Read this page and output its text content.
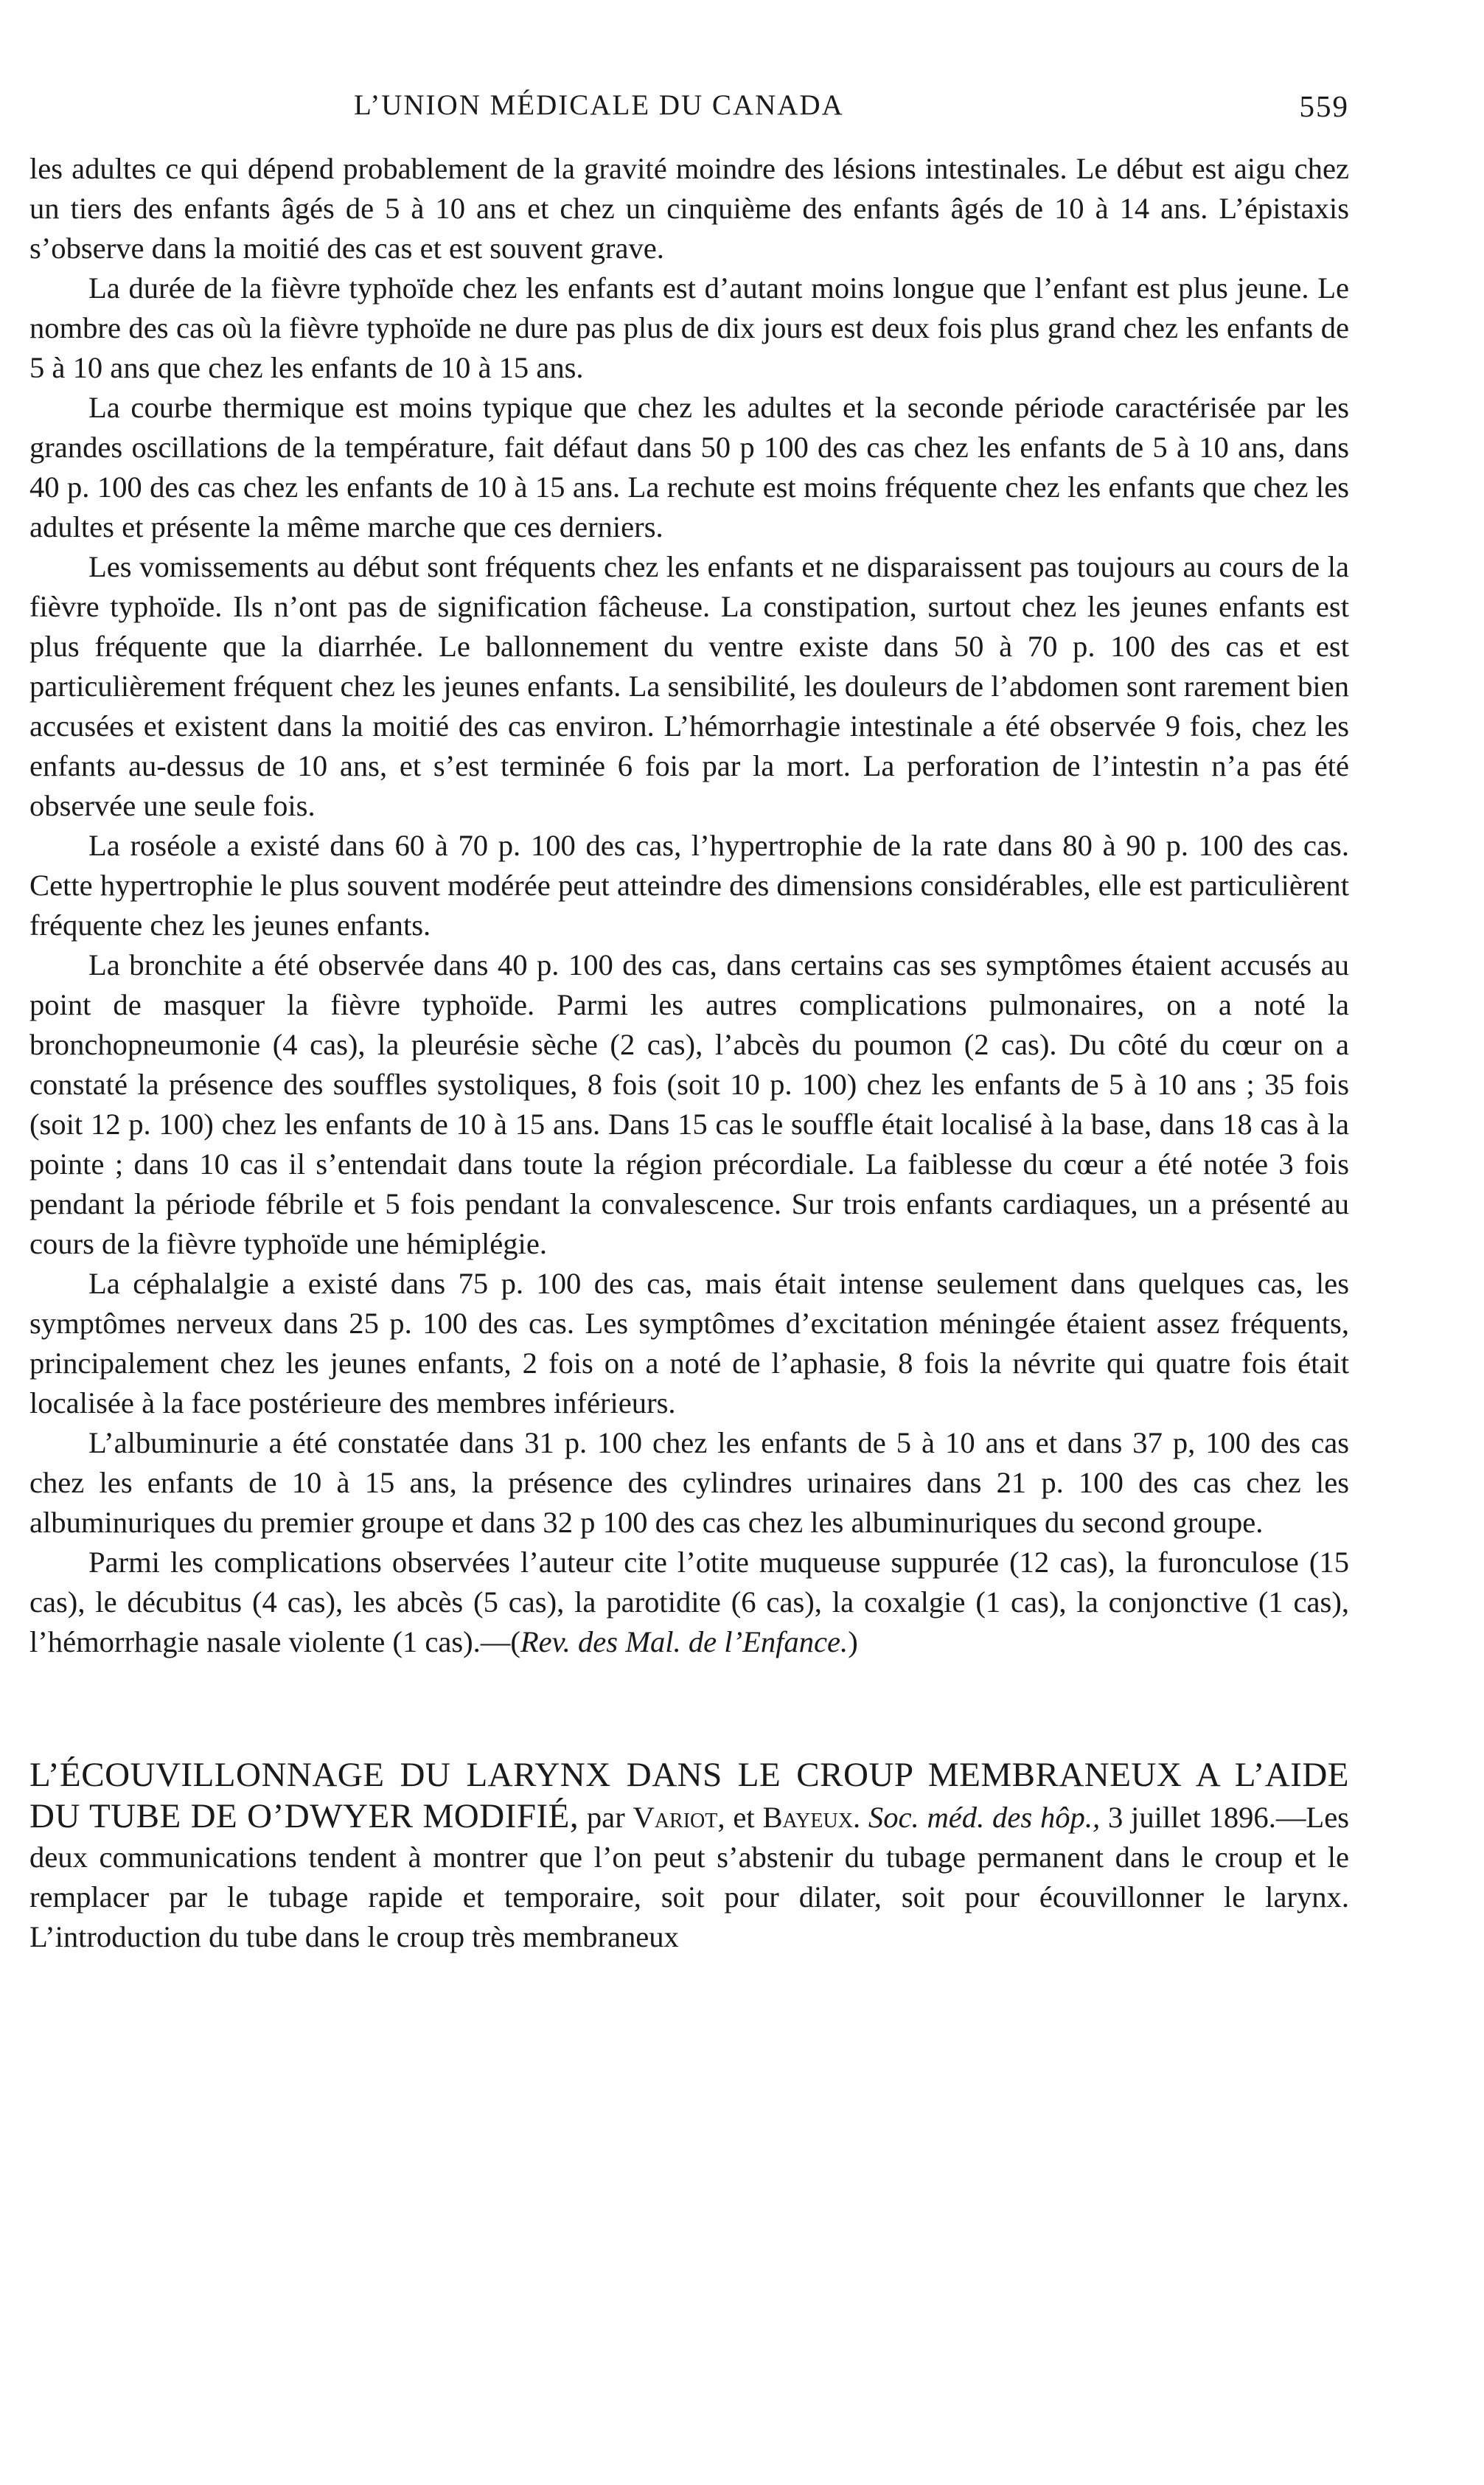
L’UNION MÉDICALE DU CANADA	559

les adultes ce qui dépend probablement de la gravité moindre des lésions intestinales. Le début est aigu chez un tiers des enfants âgés de 5 à 10 ans et chez un cinquième des enfants âgés de 10 à 14 ans. L’épistaxis s’observe dans la moitié des cas et est souvent grave.

La durée de la fièvre typhoïde chez les enfants est d’autant moins longue que l’enfant est plus jeune. Le nombre des cas où la fièvre typhoïde ne dure pas plus de dix jours est deux fois plus grand chez les enfants de 5 à 10 ans que chez les enfants de 10 à 15 ans.

La courbe thermique est moins typique que chez les adultes et la seconde période caractérisée par les grandes oscillations de la température, fait défaut dans 50 p 100 des cas chez les enfants de 5 à 10 ans, dans 40 p. 100 des cas chez les enfants de 10 à 15 ans. La rechute est moins fréquente chez les enfants que chez les adultes et présente la même marche que ces derniers.

Les vomissements au début sont fréquents chez les enfants et ne disparaissent pas toujours au cours de la fièvre typhoïde. Ils n’ont pas de signification fâcheuse. La constipation, surtout chez les jeunes enfants est plus fréquente que la diarrhée. Le ballonnement du ventre existe dans 50 à 70 p. 100 des cas et est particulièrement fréquent chez les jeunes enfants. La sensibilité, les douleurs de l’abdomen sont rarement bien accusées et existent dans la moitié des cas environ. L’hémorrhagie intestinale a été observée 9 fois, chez les enfants au-dessus de 10 ans, et s’est terminée 6 fois par la mort. La perforation de l’intestin n’a pas été observée une seule fois.

La roséole a existé dans 60 à 70 p. 100 des cas, l’hypertrophie de la rate dans 80 à 90 p. 100 des cas. Cette hypertrophie le plus souvent modérée peut atteindre des dimensions considérables, elle est particulièrent fréquente chez les jeunes enfants.

La bronchite a été observée dans 40 p. 100 des cas, dans certains cas ses symptômes étaient accusés au point de masquer la fièvre typhoïde. Parmi les autres complications pulmonaires, on a noté la bronchopneumonie (4 cas), la pleurésie sèche (2 cas), l’abcès du poumon (2 cas). Du côté du cœur on a constaté la présence des souffles systoliques, 8 fois (soit 10 p. 100) chez les enfants de 5 à 10 ans ; 35 fois (soit 12 p. 100) chez les enfants de 10 à 15 ans. Dans 15 cas le souffle était localisé à la base, dans 18 cas à la pointe ; dans 10 cas il s’entendait dans toute la région précordiale. La faiblesse du cœur a été notée 3 fois pendant la période fébrile et 5 fois pendant la convalescence. Sur trois enfants cardiaques, un a présenté au cours de la fièvre typhoïde une hémiplégie.

La céphalalgie a existé dans 75 p. 100 des cas, mais était intense seulement dans quelques cas, les symptômes nerveux dans 25 p. 100 des cas. Les symptômes d’excitation méningée étaient assez fréquents, principalement chez les jeunes enfants, 2 fois on a noté de l’aphasie, 8 fois la névrite qui quatre fois était localisée à la face postérieure des membres inférieurs.

L’albuminurie a été constatée dans 31 p. 100 chez les enfants de 5 à 10 ans et dans 37 p, 100 des cas chez les enfants de 10 à 15 ans, la présence des cylindres urinaires dans 21 p. 100 des cas chez les albuminuriques du premier groupe et dans 32 p 100 des cas chez les albuminuriques du second groupe.

Parmi les complications observées l’auteur cite l’otite muqueuse suppurée (12 cas), la furonculose (15 cas), le décubitus (4 cas), les abcès (5 cas), la parotidite (6 cas), la coxalgie (1 cas), la conjonctive (1 cas), l’hémorrhagie nasale violente (1 cas).—(Rev. des Mal. de l’Enfance.)

L’ÉCOUVILLONNAGE DU LARYNX DANS LE CROUP MEMBRANEUX A L’AIDE DU TUBE DE O’DWYER MODIFIÉ, par Variot, et Bayeux. Soc. méd. des hôp., 3 juillet 1896.—Les deux communications tendent à montrer que l’on peut s’abstenir du tubage permanent dans le croup et le remplacer par le tubage rapide et temporaire, soit pour dilater, soit pour écouvillonner le larynx. L’introduction du tube dans le croup très membraneux
